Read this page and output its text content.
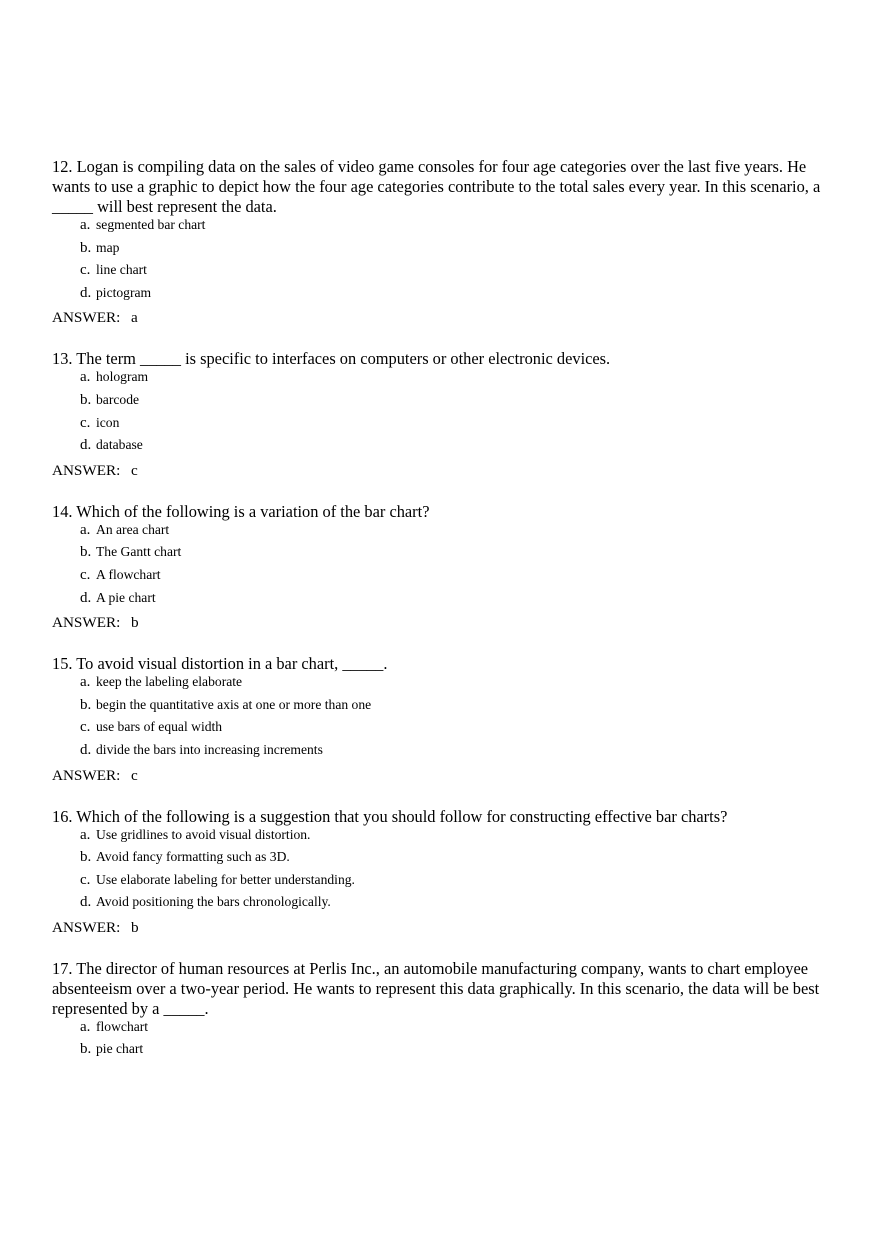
12. Logan is compiling data on the sales of video game consoles for four age categories over the last five years. He wants to use a graphic to depict how the four age categories contribute to the total sales every year. In this scenario, a _____ will best represent the data.

a. segmented bar chart
b. map
c. line chart
d. pictogram
ANSWER: a

13. The term _____ is specific to interfaces on computers or other electronic devices.

a. hologram
b. barcode
c. icon
d. database
ANSWER: c

14. Which of the following is a variation of the bar chart?

a. An area chart
b. The Gantt chart
c. A flowchart
d. A pie chart
ANSWER: b

15. To avoid visual distortion in a bar chart, _____.

a. keep the labeling elaborate
b. begin the quantitative axis at one or more than one
c. use bars of equal width
d. divide the bars into increasing increments
ANSWER: c

16. Which of the following is a suggestion that you should follow for constructing effective bar charts?

a. Use gridlines to avoid visual distortion.
b. Avoid fancy formatting such as 3D.
c. Use elaborate labeling for better understanding.
d. Avoid positioning the bars chronologically.
ANSWER: b

17. The director of human resources at Perlis Inc., an automobile manufacturing company, wants to chart employee absenteeism over a two-year period. He wants to represent this data graphically. In this scenario, the data will be best represented by a _____.

a. flowchart
b. pie chart
